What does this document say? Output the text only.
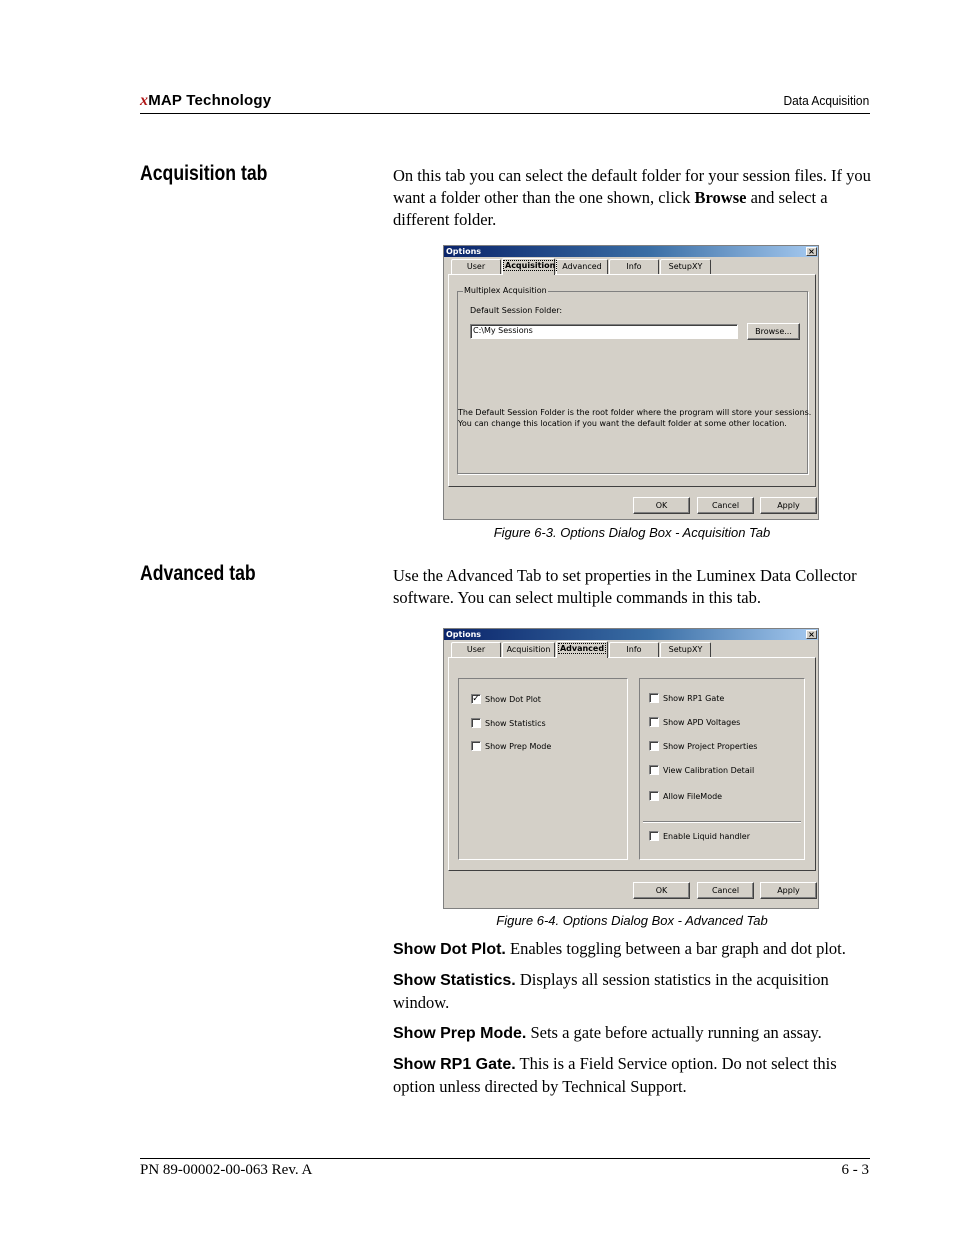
xMAP Technology	Data Acquisition
Acquisition tab	On this tab you can select the default folder for your session files. If you want a folder other than the one shown, click Browse and select a different folder.
Options	×
User	Acquisition Advanced	Info	SetupXY
Multiplex Acquisition
Default Session Folder:
C:\My Sessions	Browse...
The Default Session Folder is the root folder where the program will store your sessions.
You can change this location if you want the default folder at some other location.
OK	Cancel	Apply
Figure 6-3. Options Dialog Box - Acquisition Tab
Advanced tab	Use the Advanced Tab to set properties in the Luminex Data Collector software. You can select multiple commands in this tab.
Options	×
User	Acquisition	Advanced	Info	SetupXY
✓ Show Dot Plot
Show Statistics
Show Prep Mode
Show RP1 Gate
Show APD Voltages
Show Project Properties
View Calibration Detail
Allow FileMode
Enable Liquid handler
OK	Cancel	Apply
Figure 6-4. Options Dialog Box - Advanced Tab
Show Dot Plot. Enables toggling between a bar graph and dot plot.
Show Statistics. Displays all session statistics in the acquisition window.
Show Prep Mode. Sets a gate before actually running an assay.
Show RP1 Gate. This is a Field Service option. Do not select this option unless directed by Technical Support.
PN 89-00002-00-063 Rev. A	6 - 3
